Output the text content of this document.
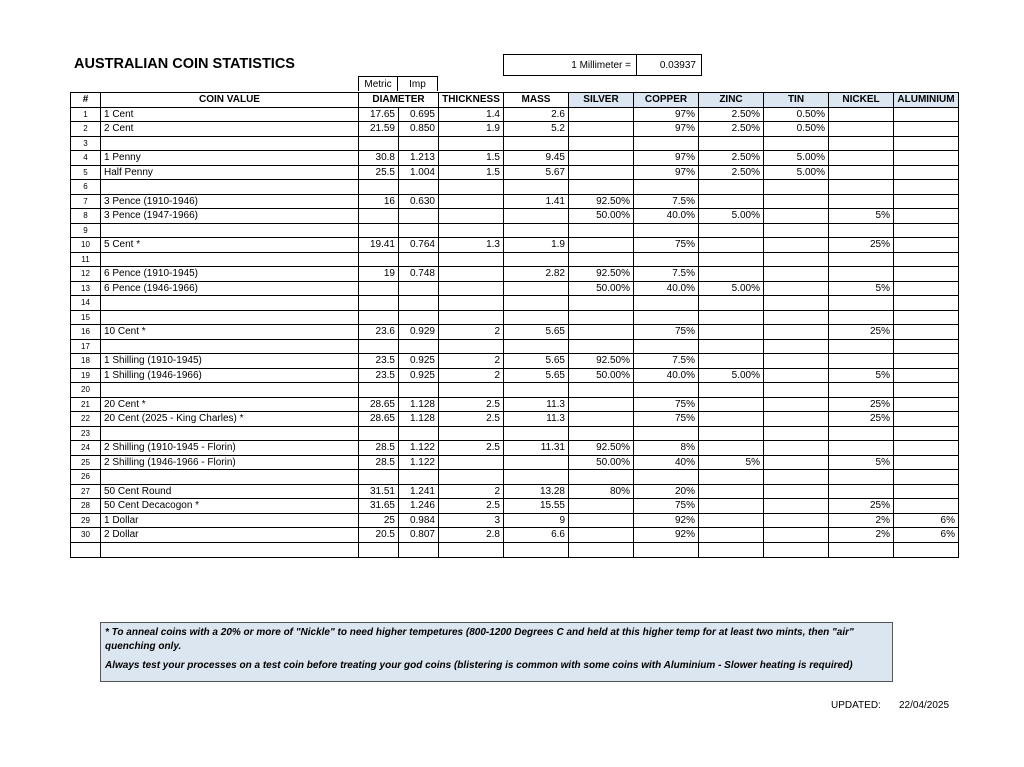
AUSTRALIAN COIN STATISTICS	1 Millimeter =	0.03937
Metric	Imp
#	COIN VALUE	DIAMETER		THICKNESS	MASS	SILVER	COPPER	ZINC	TIN	NICKEL	ALUMINIUM
1	1 Cent	17.65	0.695	1.4	2.6		97%	2.50%	0.50%		
2	2 Cent	21.59	0.850	1.9	5.2		97%	2.50%	0.50%		
3											
4	1 Penny	30.8	1.213	1.5	9.45		97%	2.50%	5.00%		
5	Half Penny	25.5	1.004	1.5	5.67		97%	2.50%	5.00%		
6											
7	3 Pence (1910-1946)	16	0.630		1.41	92.50%	7.5%				
8	3 Pence (1947-1966)					50.00%	40.0%	5.00%		5%	
9											
10	5 Cent *	19.41	0.764	1.3	1.9		75%			25%	
11											
12	6 Pence (1910-1945)	19	0.748		2.82	92.50%	7.5%				
13	6 Pence (1946-1966)					50.00%	40.0%	5.00%		5%	
14											
15											
16	10 Cent *	23.6	0.929	2	5.65		75%			25%	
17											
18	1 Shilling (1910-1945)	23.5	0.925	2	5.65	92.50%	7.5%				
19	1 Shilling (1946-1966)	23.5	0.925	2	5.65	50.00%	40.0%	5.00%		5%	
20											
21	20 Cent *	28.65	1.128	2.5	11.3		75%			25%	
22	20 Cent (2025 - King Charles) *	28.65	1.128	2.5	11.3		75%			25%	
23											
24	2 Shilling (1910-1945 - Florin)	28.5	1.122	2.5	11.31	92.50%	8%				
25	2 Shilling (1946-1966 - Florin)	28.5	1.122			50.00%	40%	5%		5%	
26											
27	50 Cent Round	31.51	1.241	2	13.28	80%	20%				
28	50 Cent Decacogon *	31.65	1.246	2.5	15.55		75%			25%	
29	1 Dollar	25	0.984	3	9		92%			2%	6%
30	2 Dollar	20.5	0.807	2.8	6.6		92%			2%	6%

* To anneal coins with a 20% or more of "Nickle" to need higher tempetures (800-1200 Degrees C and held at this higher temp for at least two mints, then "air" quenching only.

Always test your processes on a test coin before treating your god coins (blistering is common with some coins with Aluminium - Slower heating is required)

UPDATED: 22/04/2025
